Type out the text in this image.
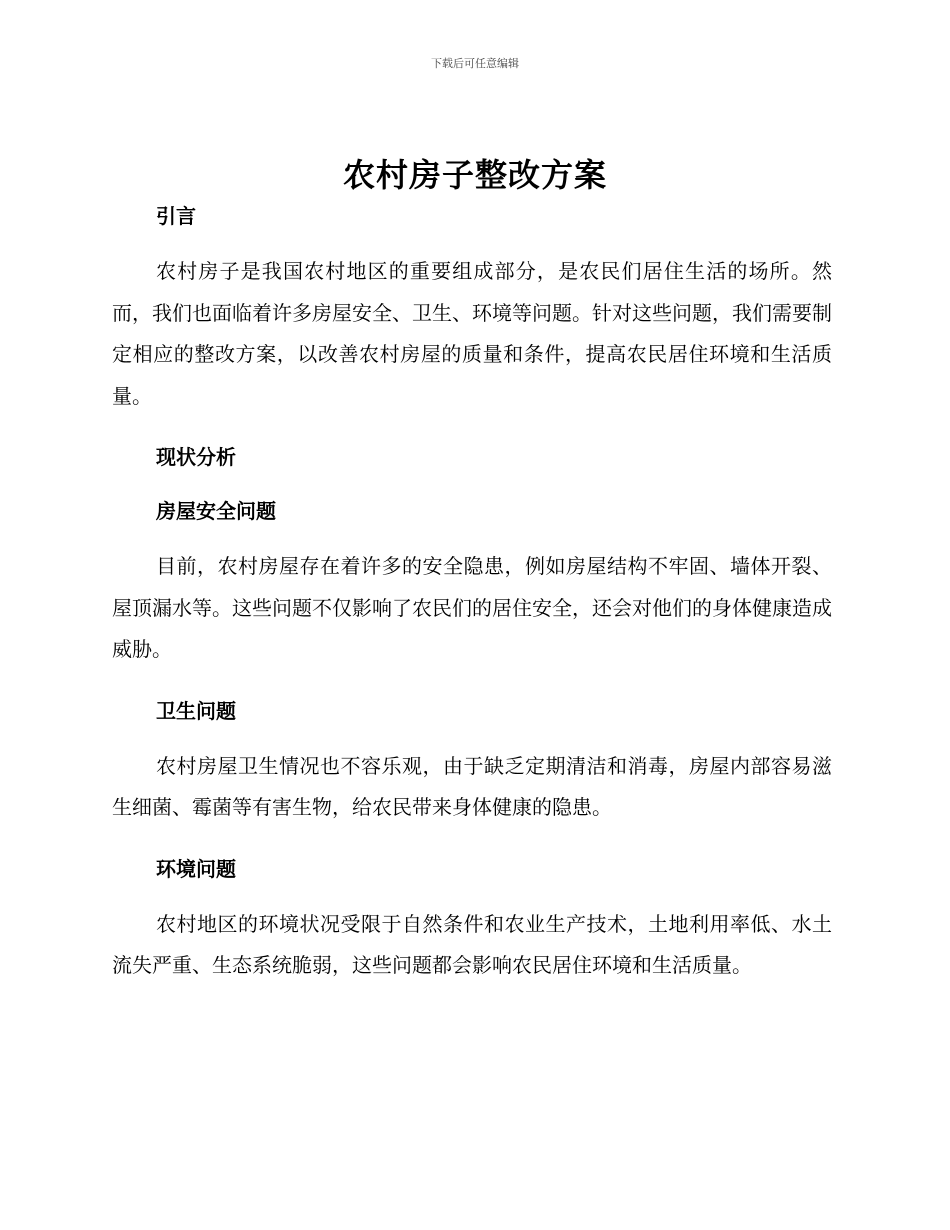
下载后可任意编辑
农村房子整改方案

引言

农村房子是我国农村地区的重要组成部分，是农民们居住生活的场所。然而，我们也面临着许多房屋安全、卫生、环境等问题。针对这些问题，我们需要制定相应的整改方案，以改善农村房屋的质量和条件，提高农民居住环境和生活质量。

现状分析

房屋安全问题

目前，农村房屋存在着许多的安全隐患，例如房屋结构不牢固、墙体开裂、屋顶漏水等。这些问题不仅影响了农民们的居住安全，还会对他们的身体健康造成威胁。

卫生问题

农村房屋卫生情况也不容乐观，由于缺乏定期清洁和消毒，房屋内部容易滋生细菌、霉菌等有害生物，给农民带来身体健康的隐患。

环境问题

农村地区的环境状况受限于自然条件和农业生产技术，土地利用率低、水土流失严重、生态系统脆弱，这些问题都会影响农民居住环境和生活质量。
